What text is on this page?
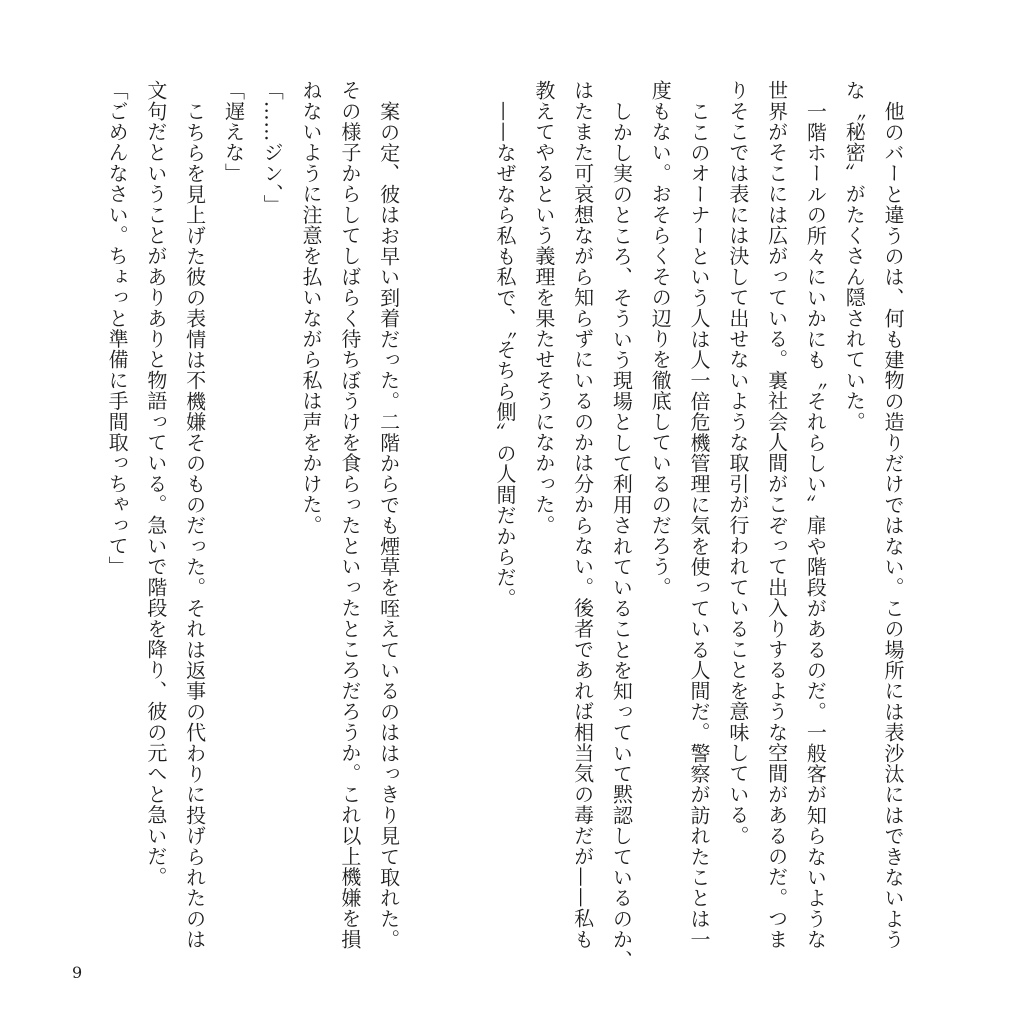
他のバーと違うのは、何も建物の造りだけではない。この場所には表沙汰にはできないよう
な〝秘密〟がたくさん隠されていた。
一階ホールの所々にいかにも〝それらしい〟扉や階段があるのだ。一般客が知らないような
世界がそこには広がっている。裏社会人間がこぞって出入りするような空間があるのだ。つま
りそこでは表には決して出せないような取引が行われていることを意味している。
ここのオーナーという人は人一倍危機管理に気を使っている人間だ。警察が訪れたことは一
度もない。おそらくその辺りを徹底しているのだろう。
しかし実のところ、そういう現場として利用されていることを知っていて黙認しているのか、
はたまた可哀想ながら知らずにいるのかは分からない。後者であれば相当気の毒だが——私も
教えてやるという義理を果たせそうになかった。
——なぜなら私も私で、〝そちら側〟の人間だからだ。
案の定、彼はお早い到着だった。二階からでも煙草を咥えているのははっきり見て取れた。
その様子からしてしばらく待ちぼうけを食らったといったところだろうか。これ以上機嫌を損
ねないように注意を払いながら私は声をかけた。
「……ジン、」
「遅えな」
こちらを見上げた彼の表情は不機嫌そのものだった。それは返事の代わりに投げられたのは
文句だということがありありと物語っている。急いで階段を降り、彼の元へと急いだ。
「ごめんなさい。ちょっと準備に手間取っちゃって」
9
